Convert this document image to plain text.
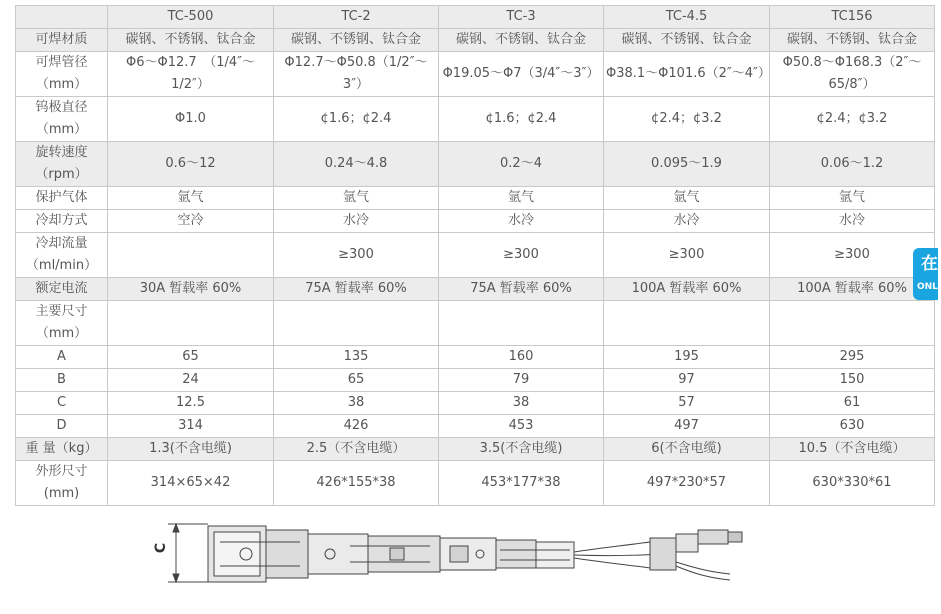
	TC-500	TC-2	TC-3	TC-4.5	TC156
可焊材质	碳钢、不锈钢、钛合金	碳钢、不锈钢、钛合金	碳钢、不锈钢、钛合金	碳钢、不锈钢、钛合金	碳钢、不锈钢、钛合金
可焊管径（mm）	Φ6～Φ12.7　（1/4″～1/2″）	Φ12.7～Φ50.8（1/2″～3″）	Φ19.05～Φ7（3/4″～3″）	Φ38.1～Φ101.6（2″～4″）	Φ50.8～Φ168.3（2″～65/8″）
钨极直径（mm）	Φ1.0	¢1.6；¢2.4	¢1.6；¢2.4	¢2.4；¢3.2	¢2.4；¢3.2
旋转速度（rpm）	0.6～12	0.24～4.8	0.2～4	0.095～1.9	0.06～1.2
保护气体	氩气	氩气	氩气	氩气	氩气
冷却方式	空冷	水冷	水冷	水冷	水冷
冷却流量（ml/min）		≥300	≥300	≥300	≥300
额定电流	30A 暂载率 60%	75A 暂载率 60%	75A 暂载率 60%	100A 暂载率 60%	100A 暂载率 60%
主要尺寸（mm）					
A	65	135	160	195	295
B	24	65	79	97	150
C	12.5	38	38	57	61
D	314	426	453	497	630
重 量（kg）	1.3(不含电缆)	2.5（不含电缆）	3.5(不含电缆)	6(不含电缆)	10.5（不含电缆）
外形尺寸(mm)	314×65×42	426*155*38	453*177*38	497*230*57	630*330*61
在
ONLI
C
